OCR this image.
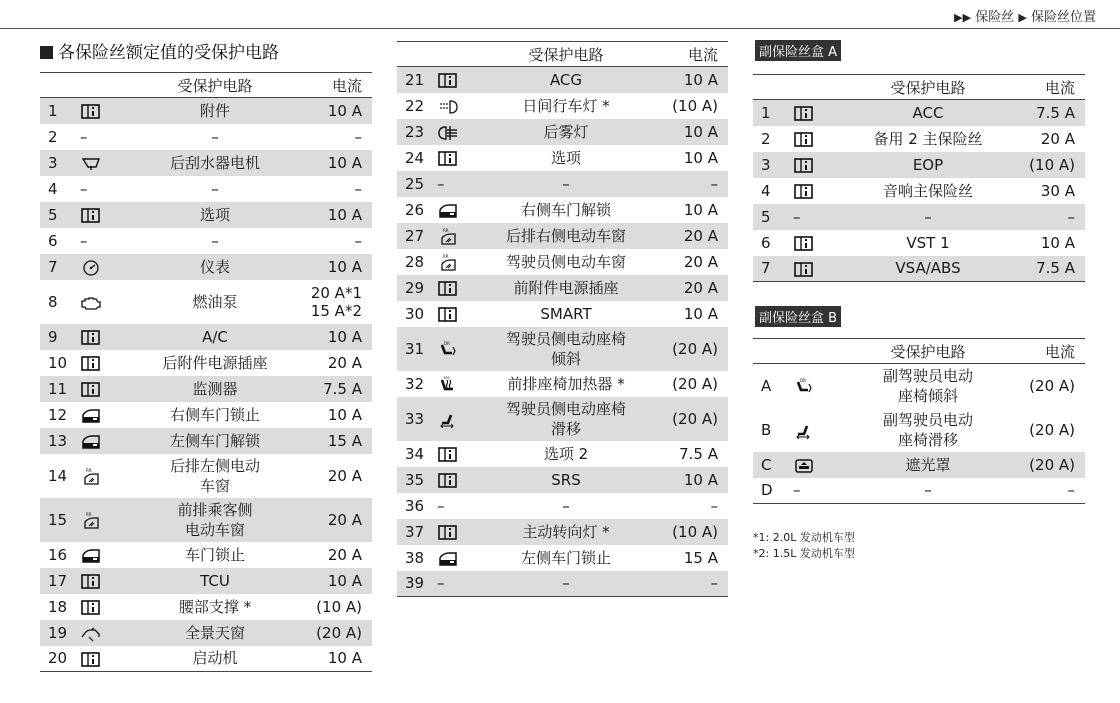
▶▶ 保险丝 ▶ 保险丝位置
各保险丝额定值的受保护电路
		受保护电路	电流
1		附件	10 A

2	–	–	–

3		后刮水器电机	10 A

4	–	–	–

5		选项	10 A

6	–	–	–

7		仪表	10 A

8		燃油泵	20 A*1
15 A*2

9		A/C	10 A

10		后附件电源插座	20 A

11		监测器	7.5 A

12		右侧车门锁止	10 A

13		左侧车门解锁	15 A

14	RR	后排左侧电动
车窗	20 A

15	RR	前排乘客侧
电动车窗	20 A

16		车门锁止	20 A

17		TCU	10 A

18		腰部支撑 *	(10 A)

19		全景天窗	(20 A)

20		启动机	10 A
		受保护电路	电流
21		ACG	10 A

22		日间行车灯 *	(10 A)

23		后雾灯	10 A

24		选项	10 A

25	–	–	–

26		右侧车门解锁	10 A

27	RR	后排右侧电动车窗	20 A

28	RR	驾驶员侧电动车窗	20 A

29		前附件电源插座	20 A

30		SMART	10 A

31	DR	驾驶员侧电动座椅
倾斜	(20 A)

32	FR	前排座椅加热器 *	(20 A)

33		驾驶员侧电动座椅
滑移	(20 A)

34		选项 2	7.5 A

35		SRS	10 A

36	–	–	–

37		主动转向灯 *	(10 A)

38		左侧车门锁止	15 A

39	–	–	–
副保险丝盒 A
		受保护电路	电流
1		ACC	7.5 A

2		备用 2 主保险丝	20 A

3		EOP	(10 A)

4		音响主保险丝	30 A

5	–	–	–

6		VST 1	10 A

7		VSA/ABS	7.5 A
副保险丝盒 B
		受保护电路	电流
A	DR	副驾驶员电动
座椅倾斜	(20 A)

B		副驾驶员电动
座椅滑移	(20 A)

C		遮光罩	(20 A)

D	–	–	–
*1: 2.0L 发动机车型
*2: 1.5L 发动机车型
